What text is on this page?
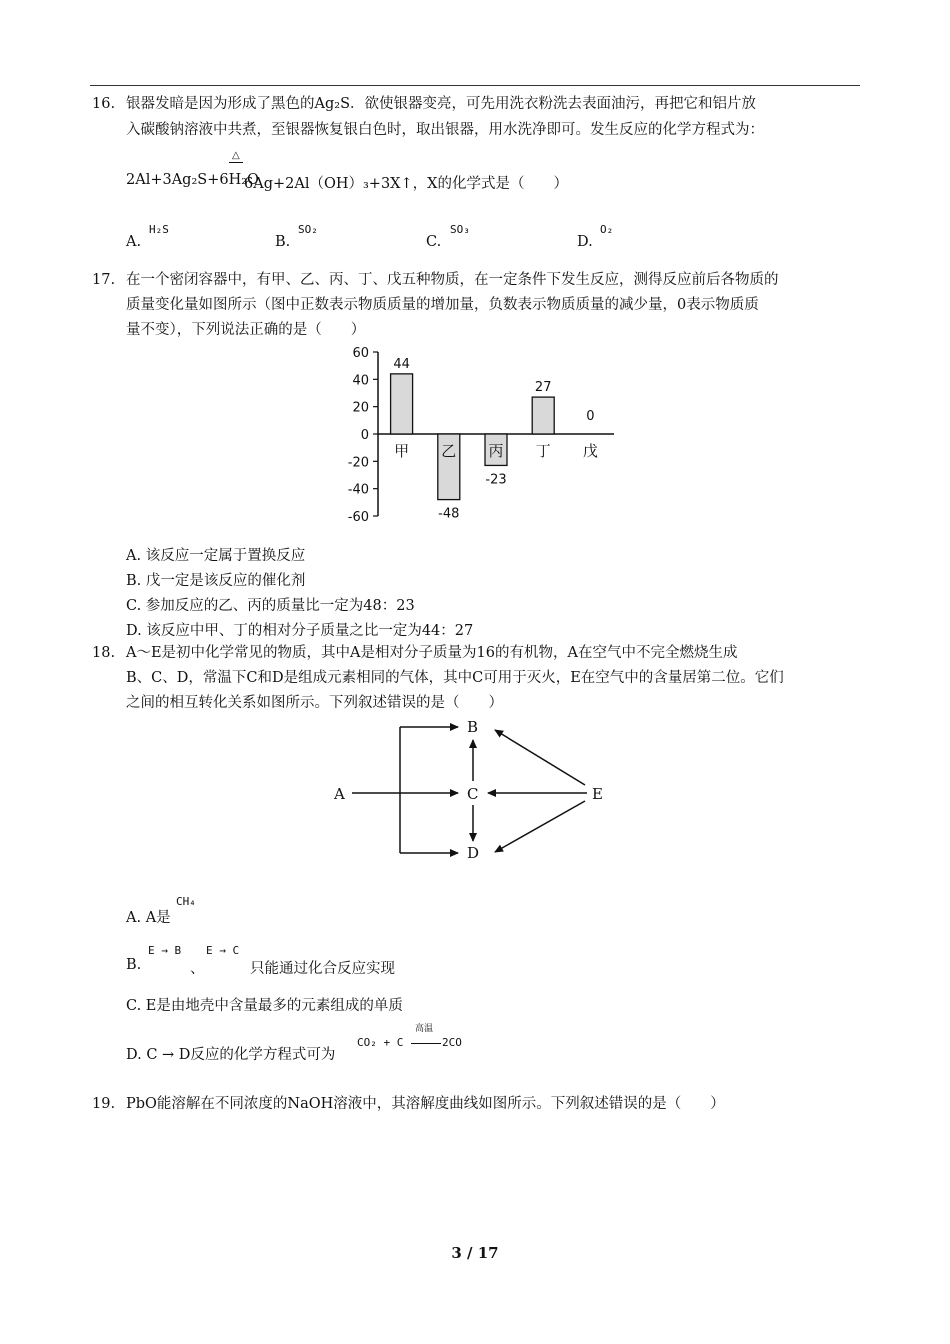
16. 银器发暗是因为形成了黑色的Ag₂S．欲使银器变亮，可先用洗衣粉洗去表面油污，再把它和铝片放
入碳酸钠溶液中共煮，至银器恢复银白色时，取出银器，用水洗净即可。发生反应的化学方程式为：
△
2Al+3Ag₂S+6H₂O
6Ag+2Al（OH）₃+3X↑，X的化学式是（　　）
A.
H₂S
B.
SO₂
C.
SO₃
D.
O₂
17. 在一个密闭容器中，有甲、乙、丙、丁、戊五种物质，在一定条件下发生反应，测得反应前后各物质的
质量变化量如图所示（图中正数表示物质质量的增加量，负数表示物质质量的减少量，0表示物质质
量不变），下列说法正确的是（　　）
60
40
20
0
-20
-40
-60
甲
44
乙
-48
丙
-23
丁
27
戊
0
A. 该反应一定属于置换反应
B. 戊一定是该反应的催化剂
C. 参加反应的乙、丙的质量比一定为48：23
D. 该反应中甲、丁的相对分子质量之比一定为44：27
18. A～E是初中化学常见的物质，其中A是相对分子质量为16的有机物，A在空气中不完全燃烧生成
B、C、D，常温下C和D是组成元素相同的气体，其中C可用于灭火，E在空气中的含量居第二位。它们
之间的相互转化关系如图所示。下列叙述错误的是（　　）
A
B
C
D
E
A. A是
CH₄
B.
E → B
、
E → C
只能通过化合反应实现
C. E是由地壳中含量最多的元素组成的单质
D. C → D反应的化学方程式可为
CO₂ + C
高温
2CO
19. PbO能溶解在不同浓度的NaOH溶液中，其溶解度曲线如图所示。下列叙述错误的是（　　）
3 / 17
